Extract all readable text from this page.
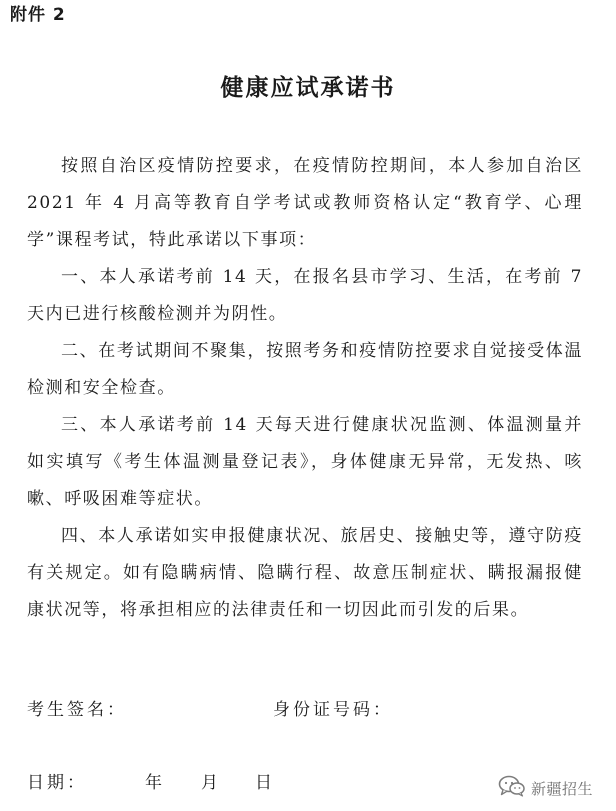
附件 2
健康应试承诺书

按照自治区疫情防控要求，在疫情防控期间，本人参加自治区 2021 年 4 月高等教育自学考试或教师资格认定“教育学、心理学”课程考试，特此承诺以下事项：

一、本人承诺考前 14 天，在报名县市学习、生活，在考前 7 天内已进行核酸检测并为阴性。

二、在考试期间不聚集，按照考务和疫情防控要求自觉接受体温检测和安全检查。

三、本人承诺考前 14 天每天进行健康状况监测、体温测量并如实填写《考生体温测量登记表》，身体健康无异常，无发热、咳嗽、呼吸困难等症状。

四、本人承诺如实申报健康状况、旅居史、接触史等，遵守防疫有关规定。如有隐瞒病情、隐瞒行程、故意压制症状、瞒报漏报健康状况等，将承担相应的法律责任和一切因此而引发的后果。

考生签名：	身份证号码：
日期：	年 月 日	新疆招生
